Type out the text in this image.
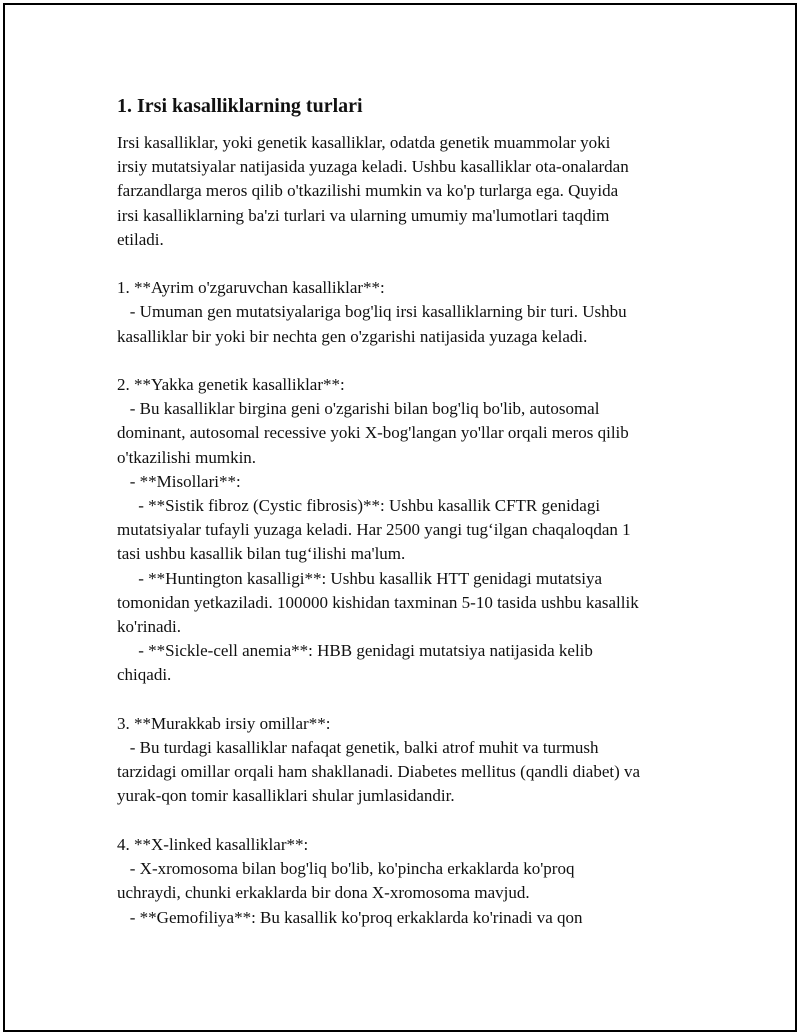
1. Irsi kasalliklarning turlari
Irsi kasalliklar, yoki genetik kasalliklar, odatda genetik muammolar yoki
irsiy mutatsiyalar natijasida yuzaga keladi. Ushbu kasalliklar ota-onalardan
farzandlarga meros qilib o'tkazilishi mumkin va ko'p turlarga ega. Quyida
irsi kasalliklarning ba'zi turlari va ularning umumiy ma'lumotlari taqdim
etiladi.

1. **Ayrim o'zgaruvchan kasalliklar**:
- Umuman gen mutatsiyalariga bog'liq irsi kasalliklarning bir turi. Ushbu
kasalliklar bir yoki bir nechta gen o'zgarishi natijasida yuzaga keladi.

2. **Yakka genetik kasalliklar**:
- Bu kasalliklar birgina geni o'zgarishi bilan bog'liq bo'lib, autosomal
dominant, autosomal recessive yoki X-bog'langan yo'llar orqali meros qilib
o'tkazilishi mumkin.
- **Misollari**:
- **Sistik fibroz (Cystic fibrosis)**: Ushbu kasallik CFTR genidagi
mutatsiyalar tufayli yuzaga keladi. Har 2500 yangi tug‘ilgan chaqaloqdan 1
tasi ushbu kasallik bilan tug‘ilishi ma'lum.
- **Huntington kasalligi**: Ushbu kasallik HTT genidagi mutatsiya
tomonidan yetkaziladi. 100000 kishidan taxminan 5-10 tasida ushbu kasallik
ko'rinadi.
- **Sickle-cell anemia**: HBB genidagi mutatsiya natijasida kelib
chiqadi.

3. **Murakkab irsiy omillar**:
- Bu turdagi kasalliklar nafaqat genetik, balki atrof muhit va turmush
tarzidagi omillar orqali ham shakllanadi. Diabetes mellitus (qandli diabet) va
yurak-qon tomir kasalliklari shular jumlasidandir.

4. **X-linked kasalliklar**:
- X-xromosoma bilan bog'liq bo'lib, ko'pincha erkaklarda ko'proq
uchraydi, chunki erkaklarda bir dona X-xromosoma mavjud.
- **Gemofiliya**: Bu kasallik ko'proq erkaklarda ko'rinadi va qon
